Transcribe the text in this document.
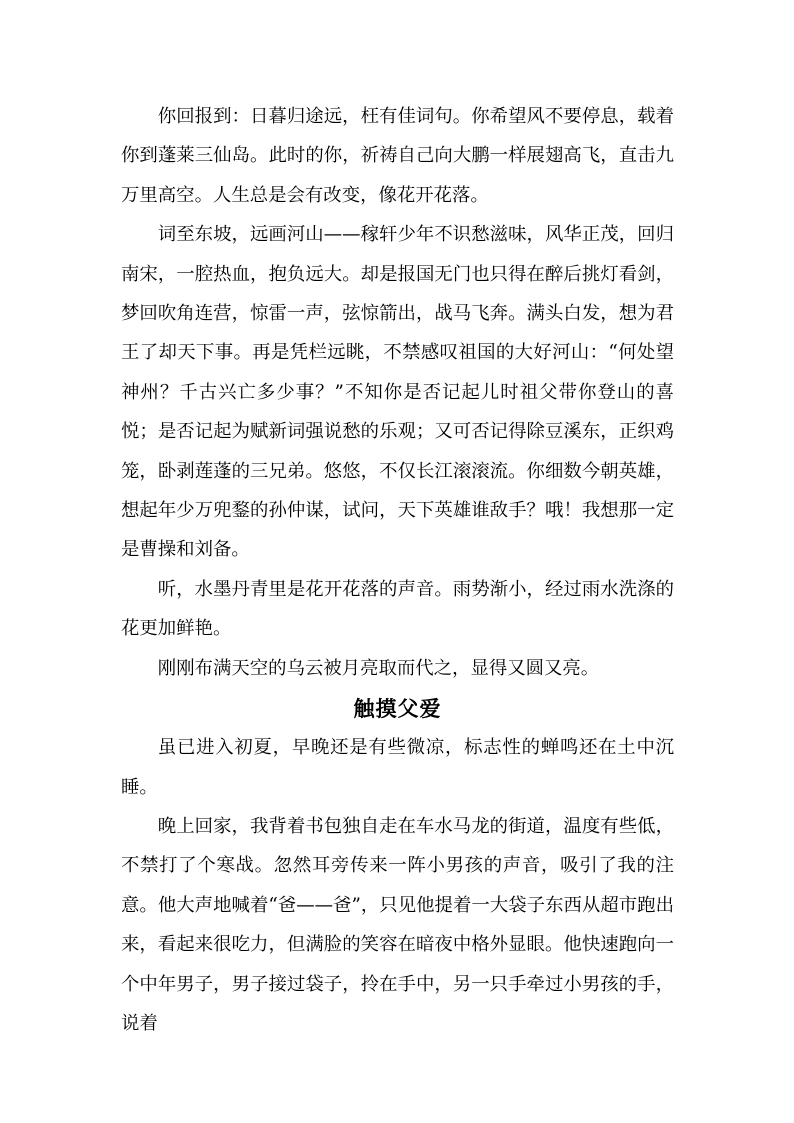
你回报到：日暮归途远，枉有佳词句。你希望风不要停息，载着你到蓬莱三仙岛。此时的你，祈祷自己向大鹏一样展翅高飞，直击九万里高空。人生总是会有改变，像花开花落。

词至东坡，远画河山——稼轩少年不识愁滋味，风华正茂，回归南宋，一腔热血，抱负远大。却是报国无门也只得在醉后挑灯看剑，梦回吹角连营，惊雷一声，弦惊箭出，战马飞奔。满头白发，想为君王了却天下事。再是凭栏远眺，不禁感叹祖国的大好河山：“何处望神州？千古兴亡多少事？”不知你是否记起儿时祖父带你登山的喜悦；是否记起为赋新词强说愁的乐观；又可否记得除豆溪东，正织鸡笼，卧剥莲蓬的三兄弟。悠悠，不仅长江滚滚流。你细数今朝英雄，想起年少万兜鍪的孙仲谋，试问，天下英雄谁敌手？哦！我想那一定是曹操和刘备。

听，水墨丹青里是花开花落的声音。雨势渐小，经过雨水洗涤的花更加鲜艳。

刚刚布满天空的乌云被月亮取而代之，显得又圆又亮。

触摸父爱

虽已进入初夏，早晚还是有些微凉，标志性的蝉鸣还在土中沉睡。

晚上回家，我背着书包独自走在车水马龙的街道，温度有些低，不禁打了个寒战。忽然耳旁传来一阵小男孩的声音，吸引了我的注意。他大声地喊着“爸——爸”，只见他提着一大袋子东西从超市跑出来，看起来很吃力，但满脸的笑容在暗夜中格外显眼。他快速跑向一个中年男子，男子接过袋子，拎在手中，另一只手牵过小男孩的手，说着
